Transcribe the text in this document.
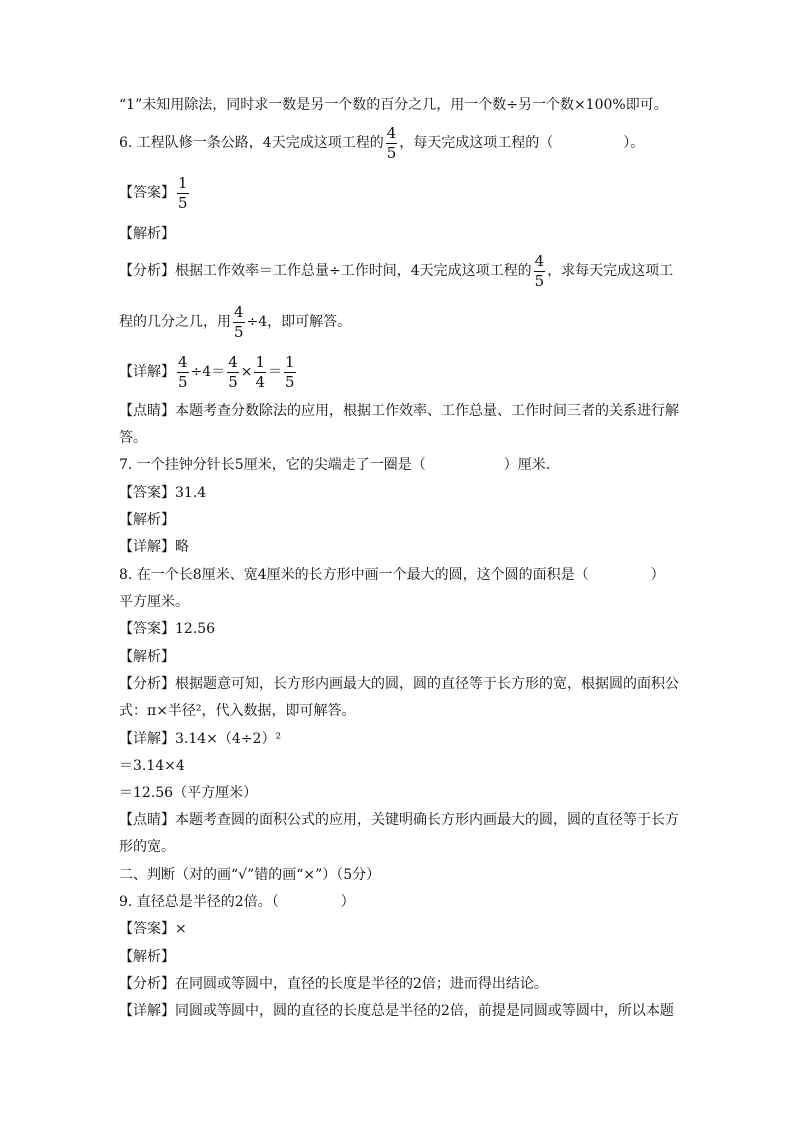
“1”未知用除法，同时求一数是另一个数的百分之几，用一个数÷另一个数×100%即可。
6. 工程队修一条公路，4天完成这项工程的 $\frac{4}{5}$ ，每天完成这项工程的（	）。
【答案】 $\frac{1}{5}$
【解析】
【分析】根据工作效率＝工作总量÷工作时间，4天完成这项工程的 $\frac{4}{5}$ ，求每天完成这项工
程的几分之几，用 $\frac{4}{5} \div 4$，即可解答。
【详解】 $\frac{4}{5} \div 4= \frac{4}{5} \times \frac{1}{4} = \frac{1}{5}$
【点睛】本题考查分数除法的应用，根据工作效率、工作总量、工作时间三者的关系进行解
答。
7. 一个挂钟分针长5厘米，它的尖端走了一圈是（	）厘米.
【答案】31.4
【解析】
【详解】略
8. 在一个长8厘米、宽4厘米的长方形中画一个最大的圆，这个圆的面积是（	）
平方厘米。
【答案】12.56
【解析】
【分析】根据题意可知，长方形内画最大的圆，圆的直径等于长方形的宽，根据圆的面积公
式：π×半径²，代入数据，即可解答。
【详解】3.14×（4÷2）²
＝3.14×4
＝12.56（平方厘米）
【点睛】本题考查圆的面积公式的应用，关键明确长方形内画最大的圆，圆的直径等于长方
形的宽。
二、判断（对的画“√”错的画“×”）（5分）
9. 直径总是半径的2倍。（	）
【答案】×
【解析】
【分析】在同圆或等圆中，直径的长度是半径的2倍；进而得出结论。
【详解】同圆或等圆中，圆的直径的长度总是半径的2倍，前提是同圆或等圆中，所以本题
